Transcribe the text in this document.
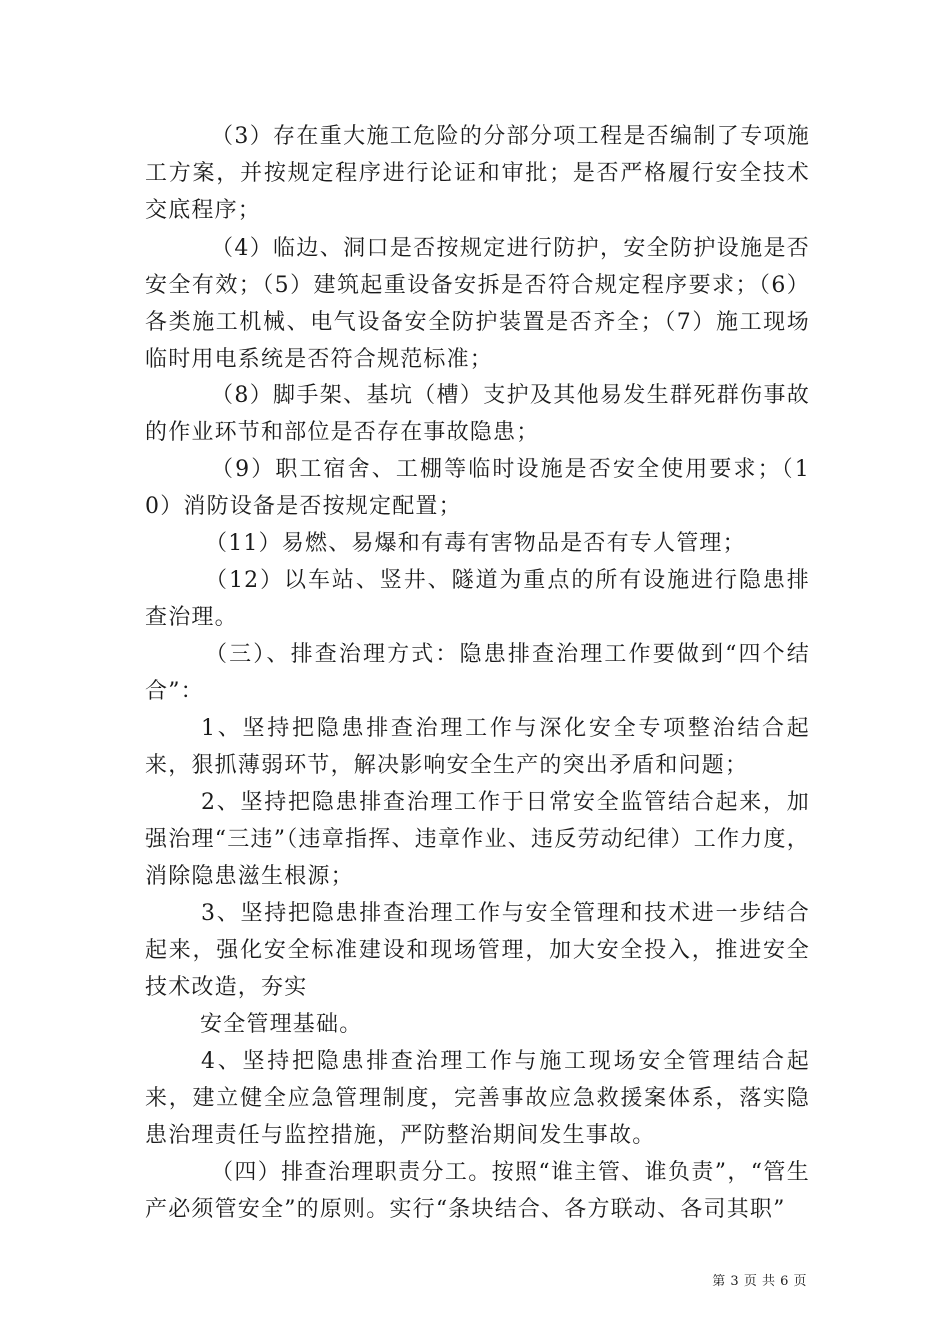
（3）存在重大施工危险的分部分项工程是否编制了专项施工方案，并按规定程序进行论证和审批；是否严格履行安全技术交底程序；

（4）临边、洞口是否按规定进行防护，安全防护设施是否安全有效；（5）建筑起重设备安拆是否符合规定程序要求；（6）各类施工机械、电气设备安全防护装置是否齐全；（7）施工现场临时用电系统是否符合规范标准；

（8）脚手架、基坑（槽）支护及其他易发生群死群伤事故的作业环节和部位是否存在事故隐患；

（9）职工宿舍、工棚等临时设施是否安全使用要求；（10）消防设备是否按规定配置；

（11）易燃、易爆和有毒有害物品是否有专人管理；

（12）以车站、竖井、隧道为重点的所有设施进行隐患排查治理。

（三）、排查治理方式：隐患排查治理工作要做到“四个结合”：

1、坚持把隐患排查治理工作与深化安全专项整治结合起来，狠抓薄弱环节，解决影响安全生产的突出矛盾和问题；

2、坚持把隐患排查治理工作于日常安全监管结合起来，加强治理“三违”（违章指挥、违章作业、违反劳动纪律）工作力度，消除隐患滋生根源；

3、坚持把隐患排查治理工作与安全管理和技术进一步结合起来，强化安全标准建设和现场管理，加大安全投入，推进安全技术改造，夯实

安全管理基础。

4、坚持把隐患排查治理工作与施工现场安全管理结合起来，建立健全应急管理制度，完善事故应急救援案体系，落实隐患治理责任与监控措施，严防整治期间发生事故。

（四）排查治理职责分工。按照“谁主管、谁负责”，“管生产必须管安全”的原则。实行“条块结合、各方联动、各司其职”

第 3 页 共 6 页
